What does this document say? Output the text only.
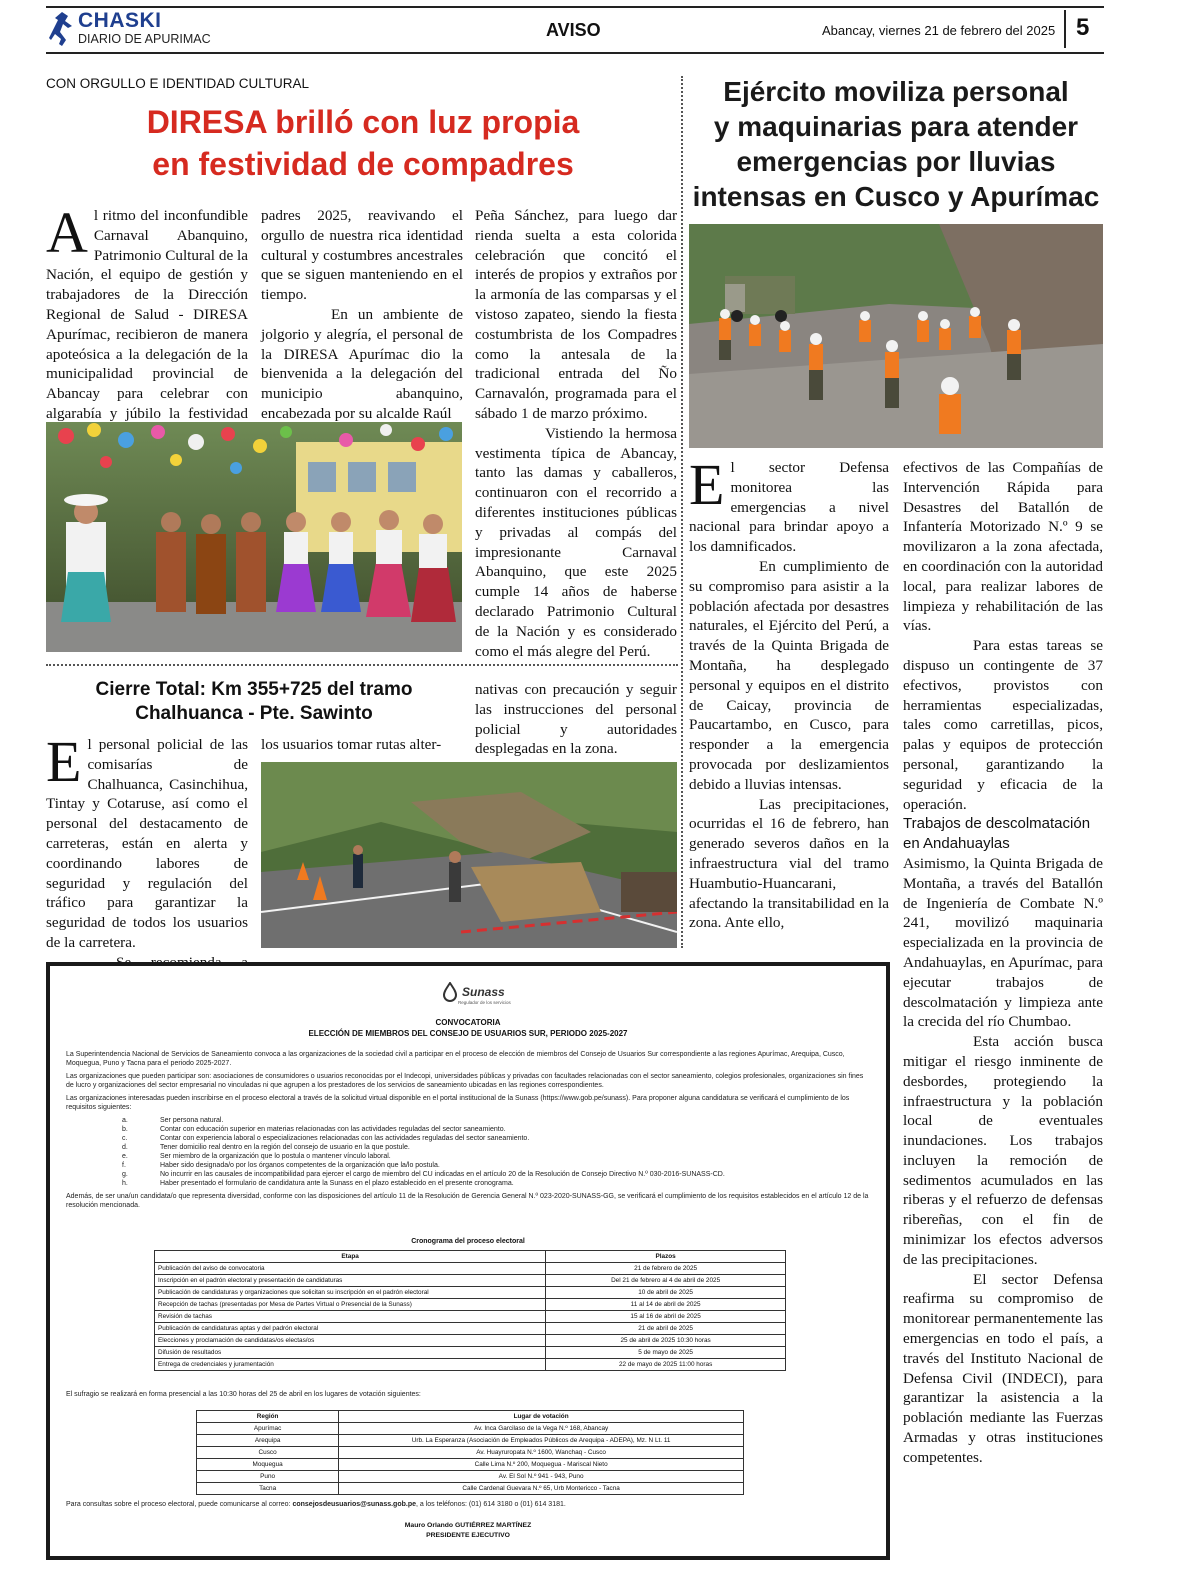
CHASKI
DIARIO DE APURIMAC	AVISO	Abancay, viernes 21 de febrero del 2025 5
CON ORGULLO E IDENTIDAD CULTURAL
DIRESA brilló con luz propia
en festividad de compadres

Al ritmo del inconfundible Carnaval Abanquino, Patrimonio Cultural de la Nación, el equipo de gestión y trabajadores de la Dirección Regional de Salud - DIRESA Apurímac, recibieron de manera apoteósica a la delegación de la municipalidad provincial de Abancay para celebrar con algarabía y júbilo la festividad

padres 2025, reavivando el orgullo de nuestra rica identidad cultural y costumbres ancestrales que se siguen manteniendo en el tiempo.

En un ambiente de jolgorio y alegría, el personal de la DIRESA Apurímac dio la bienvenida a la delegación del municipio abanquino, encabezada por su alcalde Raúl

Peña Sánchez, para luego dar rienda suelta a esta colorida celebración que concitó el interés de propios y extraños por la armonía de las comparsas y el vistoso zapateo, siendo la fiesta costumbrista de los Compadres como la antesala de la tradicional entrada del Ño Carnavalón, programada para el sábado 1 de marzo próximo.

Vistiendo la hermosa vestimenta típica de Abancay, tanto las damas y caballeros, continuaron con el recorrido a diferentes instituciones públicas y privadas al compás del impresionante Carnaval Abanquino, que este 2025 cumple 14 años de haberse declarado Patrimonio Cultural de la Nación y es considerado como el más alegre del Perú.

Cierre Total: Km 355+725 del tramo
Chalhuanca - Pte. Sawinto

El personal policial de las comisarías de Chalhuanca, Casinchihua, Tintay y Cotaruse, así como el personal del destacamento de carreteras, están en alerta y coordinando labores de seguridad y regulación del tráfico para garantizar la seguridad de todos los usuarios de la carretera.

los usuarios tomar rutas alter-

nativas con precaución y seguir las instrucciones del personal policial y autoridades desplegadas en la zona.

Ejército moviliza personal
y maquinarias para atender
emergencias por lluvias
intensas en Cusco y Apurímac

El sector Defensa monitorea las emergencias a nivel nacional para brindar apoyo a los damnificados.

En cumplimiento de su compromiso para asistir a la población afectada por desastres naturales, el Ejército del Perú, a través de la Quinta Brigada de Montaña, ha desplegado personal y equipos en el distrito de Caicay, provincia de Paucartambo, en Cusco, para responder a la emergencia provocada por deslizamientos debido a lluvias intensas.

Las precipitaciones, ocurridas el 16 de febrero, han generado severos daños en la infraestructura vial del tramo Huambutio-Huancarani, afectando la transitabilidad en la zona. Ante ello,

efectivos de las Compañías de Intervención Rápida para Desastres del Batallón de Infantería Motorizado N.º 9 se movilizaron a la zona afectada, en coordinación con la autoridad local, para realizar labores de limpieza y rehabilitación de las vías.

Para estas tareas se dispuso un contingente de 37 efectivos, provistos con herramientas especializadas, tales como carretillas, picos, palas y equipos de protección personal, garantizando la seguridad y eficacia de la operación.

Trabajos de descolmatación en Andahuaylas

Asimismo, la Quinta Brigada de Montaña, a través del Batallón de Ingeniería de Combate N.º 241, movilizó maquinaria especializada en la provincia de Andahuaylas, en Apurímac, para ejecutar trabajos de descolmatación y limpieza ante la crecida del río Chumbao.

Esta acción busca mitigar el riesgo inminente de desbordes, protegiendo la infraestructura y la población local de eventuales inundaciones. Los trabajos incluyen la remoción de sedimentos acumulados en las riberas y el refuerzo de defensas ribereñas, con el fin de minimizar los efectos adversos de las precipitaciones.

El sector Defensa reafirma su compromiso de monitorear permanentemente las emergencias en todo el país, a través del Instituto Nacional de Defensa Civil (INDECI), para garantizar la asistencia a la población mediante las Fuerzas Armadas y otras instituciones competentes.

Sunass
Regulador de los servicios
CONVOCATORIA
ELECCIÓN DE MIEMBROS DEL CONSEJO DE USUARIOS SUR, PERIODO 2025-2027
La Superintendencia Nacional de Servicios de Saneamiento convoca a las organizaciones de la sociedad civil a participar en el proceso de elección de miembros del Consejo de Usuarios Sur correspondiente a las regiones Apurímac, Arequipa, Cusco, Moquegua, Puno y Tacna para el periodo 2025-2027.
Las organizaciones que pueden participar son: asociaciones de consumidores o usuarios reconocidas por el Indecopi, universidades públicas y privadas con facultades relacionadas con el sector saneamiento, colegios profesionales, organizaciones sin fines de lucro y organizaciones del sector empresarial no vinculadas ni que agrupen a los prestadores de los servicios de saneamiento ubicadas en las regiones correspondientes.
Las organizaciones interesadas pueden inscribirse en el proceso electoral a través de la solicitud virtual disponible en el portal institucional de la Sunass (https://www.gob.pe/sunass). Para proponer alguna candidatura se verificará el cumplimiento de los requisitos siguientes:
a.	Ser persona natural.
b.	Contar con educación superior en materias relacionadas con las actividades reguladas del sector saneamiento.
c.	Contar con experiencia laboral o especializaciones relacionadas con las actividades reguladas del sector saneamiento.
d.	Tener domicilio real dentro en la región del consejo de usuario en la que postule.
e.	Ser miembro de la organización que lo postula o mantener vínculo laboral.
f.	Haber sido designada/o por los órganos competentes de la organización que la/lo postula.
g.	No incurrir en las causales de incompatibilidad para ejercer el cargo de miembro del CU indicadas en el artículo 20 de la Resolución de Consejo Directivo N.º 030-2016-SUNASS-CD.
h.	Haber presentado el formulario de candidatura ante la Sunass en el plazo establecido en el presente cronograma.
Además, de ser una/un candidata/o que representa diversidad, conforme con las disposiciones del artículo 11 de la Resolución de Gerencia General N.º 023-2020-SUNASS-GG, se verificará el cumplimiento de los requisitos establecidos en el artículo 12 de la resolución mencionada.
Cronograma del proceso electoral
Etapa	Plazos
Publicación del aviso de convocatoria	21 de febrero de 2025
Inscripción en el padrón electoral y presentación de candidaturas	Del 21 de febrero al 4 de abril de 2025
Publicación de candidaturas y organizaciones que solicitan su inscripción en el padrón electoral	10 de abril de 2025
Recepción de tachas (presentadas por Mesa de Partes Virtual o Presencial de la Sunass)	11 al 14 de abril de 2025
Revisión de tachas	15 al 16 de abril de 2025
Publicación de candidaturas aptas y del padrón electoral	21 de abril de 2025
Elecciones y proclamación de candidatas/os electas/os	25 de abril de 2025 10:30 horas
Difusión de resultados	5 de mayo de 2025
Entrega de credenciales y juramentación	22 de mayo de 2025 11:00 horas
El sufragio se realizará en forma presencial a las 10:30 horas del 25 de abril en los lugares de votación siguientes:
Región	Lugar de votación
Apurímac	Av. Inca Garcilaso de la Vega N.º 168, Abancay
Arequipa	Urb. La Esperanza (Asociación de Empleados Públicos de Arequipa - ADEPA), Mz. N Lt. 11
Cusco	Av. Huayruropata N.º 1600, Wanchaq - Cusco
Moquegua	Calle Lima N.º 200, Moquegua - Mariscal Nieto
Puno	Av. El Sol N.º 941 - 943, Puno
Tacna	Calle Cardenal Guevara N.º 65, Urb Montericco - Tacna
Para consultas sobre el proceso electoral, puede comunicarse al correo: consejosdeusuarios@sunass.gob.pe, a los teléfonos: (01) 614 3180 o (01) 614 3181.
Mauro Orlando GUTIÉRREZ MARTÍNEZ
PRESIDENTE EJECUTIVO
